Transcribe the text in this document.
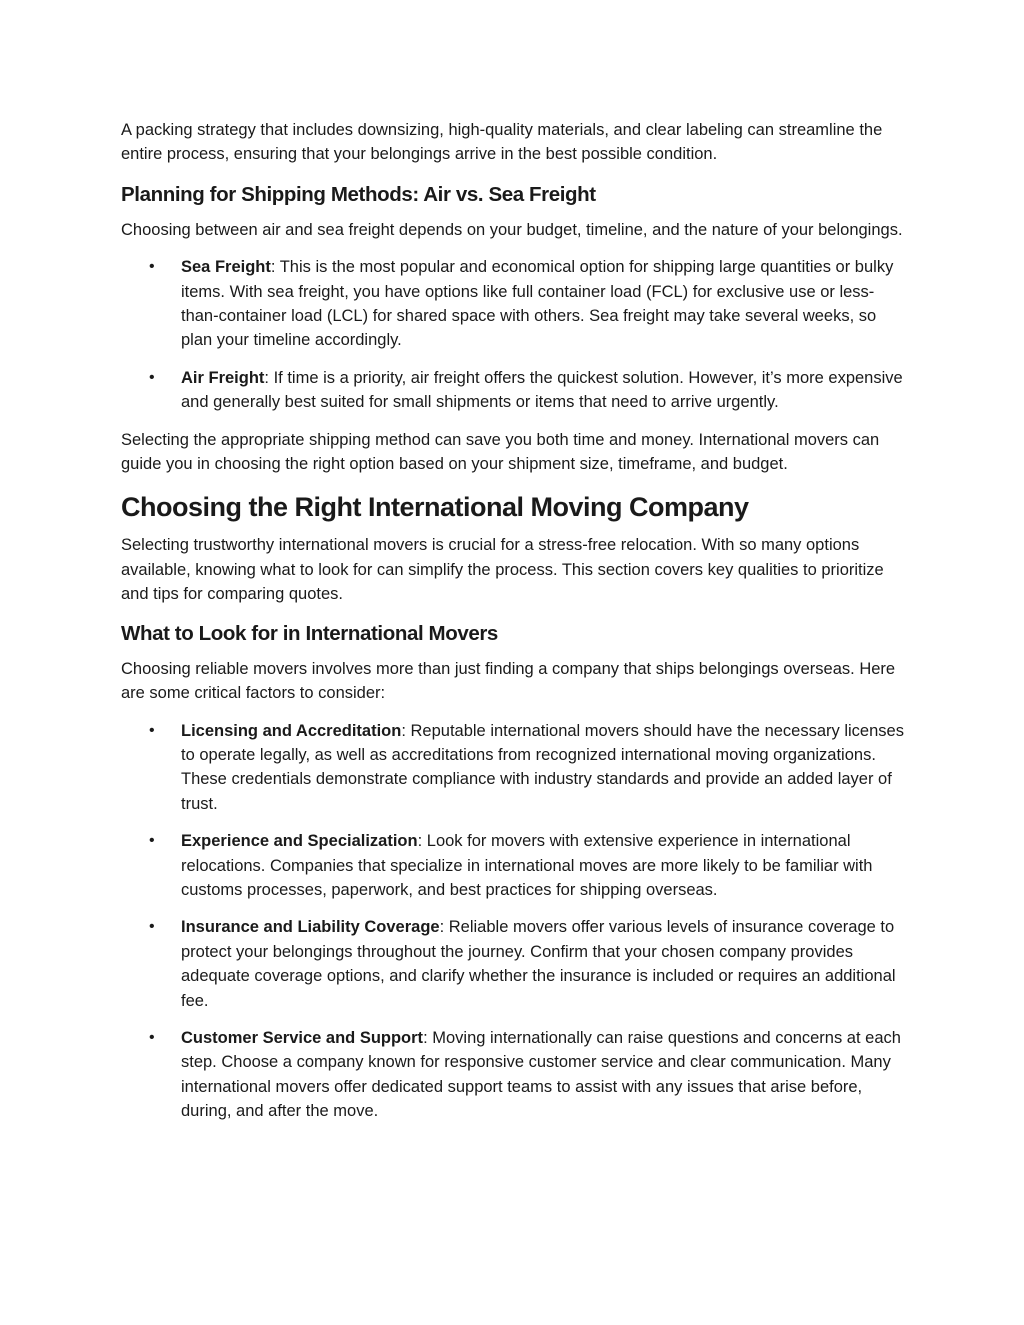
A packing strategy that includes downsizing, high-quality materials, and clear labeling can streamline the entire process, ensuring that your belongings arrive in the best possible condition.

Planning for Shipping Methods: Air vs. Sea Freight

Choosing between air and sea freight depends on your budget, timeline, and the nature of your belongings.

• Sea Freight: This is the most popular and economical option for shipping large quantities or bulky items. With sea freight, you have options like full container load (FCL) for exclusive use or less-than-container load (LCL) for shared space with others. Sea freight may take several weeks, so plan your timeline accordingly.
• Air Freight: If time is a priority, air freight offers the quickest solution. However, it’s more expensive and generally best suited for small shipments or items that need to arrive urgently.

Selecting the appropriate shipping method can save you both time and money. International movers can guide you in choosing the right option based on your shipment size, timeframe, and budget.

Choosing the Right International Moving Company

Selecting trustworthy international movers is crucial for a stress-free relocation. With so many options available, knowing what to look for can simplify the process. This section covers key qualities to prioritize and tips for comparing quotes.

What to Look for in International Movers

Choosing reliable movers involves more than just finding a company that ships belongings overseas. Here are some critical factors to consider:

• Licensing and Accreditation: Reputable international movers should have the necessary licenses to operate legally, as well as accreditations from recognized international moving organizations. These credentials demonstrate compliance with industry standards and provide an added layer of trust.
• Experience and Specialization: Look for movers with extensive experience in international relocations. Companies that specialize in international moves are more likely to be familiar with customs processes, paperwork, and best practices for shipping overseas.
• Insurance and Liability Coverage: Reliable movers offer various levels of insurance coverage to protect your belongings throughout the journey. Confirm that your chosen company provides adequate coverage options, and clarify whether the insurance is included or requires an additional fee.
• Customer Service and Support: Moving internationally can raise questions and concerns at each step. Choose a company known for responsive customer service and clear communication. Many international movers offer dedicated support teams to assist with any issues that arise before, during, and after the move.
